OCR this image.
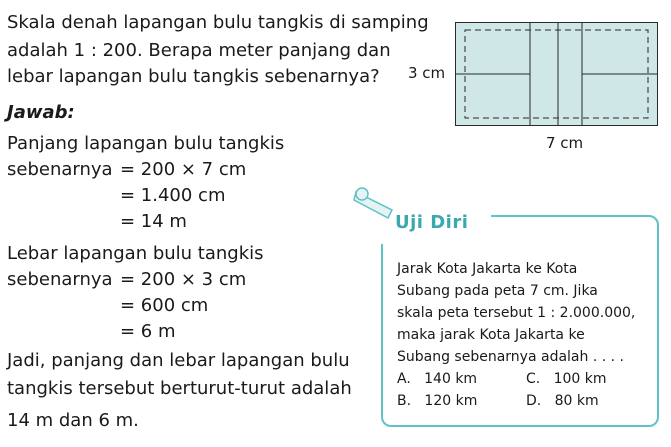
Skala denah lapangan bulu tangkis di samping
adalah 1 : 200. Berapa meter panjang dan
lebar lapangan bulu tangkis sebenarnya? 3 cm
7 cm
Jawab:
Panjang lapangan bulu tangkis
sebenarnya = 200 × 7 cm
= 1.400 cm
= 14 m
Lebar lapangan bulu tangkis
sebenarnya = 200 × 3 cm
= 600 cm
= 6 m
Jadi, panjang dan lebar lapangan bulu
tangkis tersebut berturut-turut adalah
14 m dan 6 m.
Uji Diri
Jarak Kota Jakarta ke Kota
Subang pada peta 7 cm. Jika
skala peta tersebut 1 : 2.000.000,
maka jarak Kota Jakarta ke
Subang sebenarnya adalah . . . .
A. 140 km
B. 120 km
C. 100 km
D. 80 km
